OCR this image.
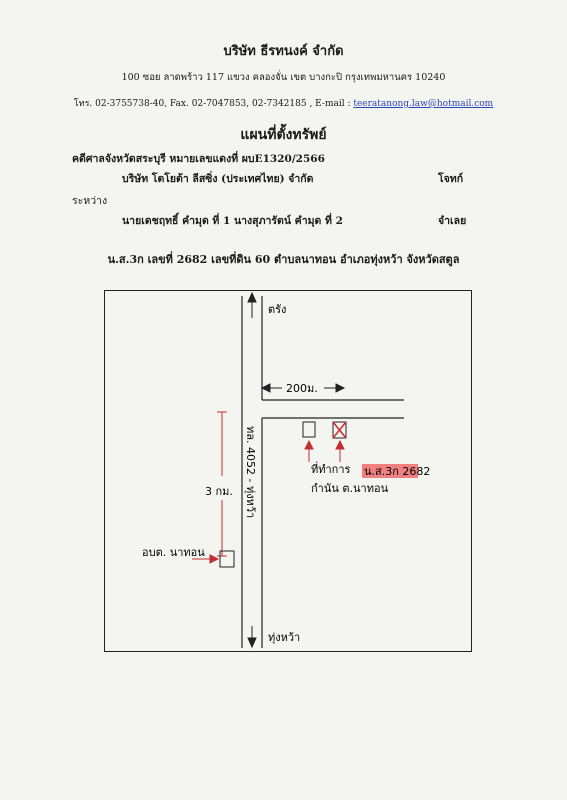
บริษัท ธีรทนงค์ จำกัด
100 ซอย ลาดพร้าว 117 แขวง คลองจั่น เขต บางกะปิ กรุงเทพมหานคร 10240
โทร. 02-3755738-40, Fax. 02-7047853, 02-7342185 , E-mail : teeratanong.law@hotmail.com
แผนที่ตั้งทรัพย์
คดีศาลจังหวัดสระบุรี หมายเลขแดงที่ ผบE1320/2566
บริษัท โตโยต้า ลีสซิ่ง (ประเทศไทย) จำกัด	โจทก์
ระหว่าง
นายเดชฤทธิ์ คำมุด ที่ 1 นางสุภารัตน์ คำมุด ที่ 2	จำเลย
น.ส.3ก เลขที่ 2682 เลขที่ดิน 60 ตำบลนาทอน อำเภอทุ่งหว้า จังหวัดสตูล
ตรัง
ทุ่งหว้า
200ม.
ทล. 4052 - ทุ่งหว้า
3 กม.
อบต. นาทอน
ที่ทำการ กำนัน ต.นาทอน
น.ส.3ก 2682
